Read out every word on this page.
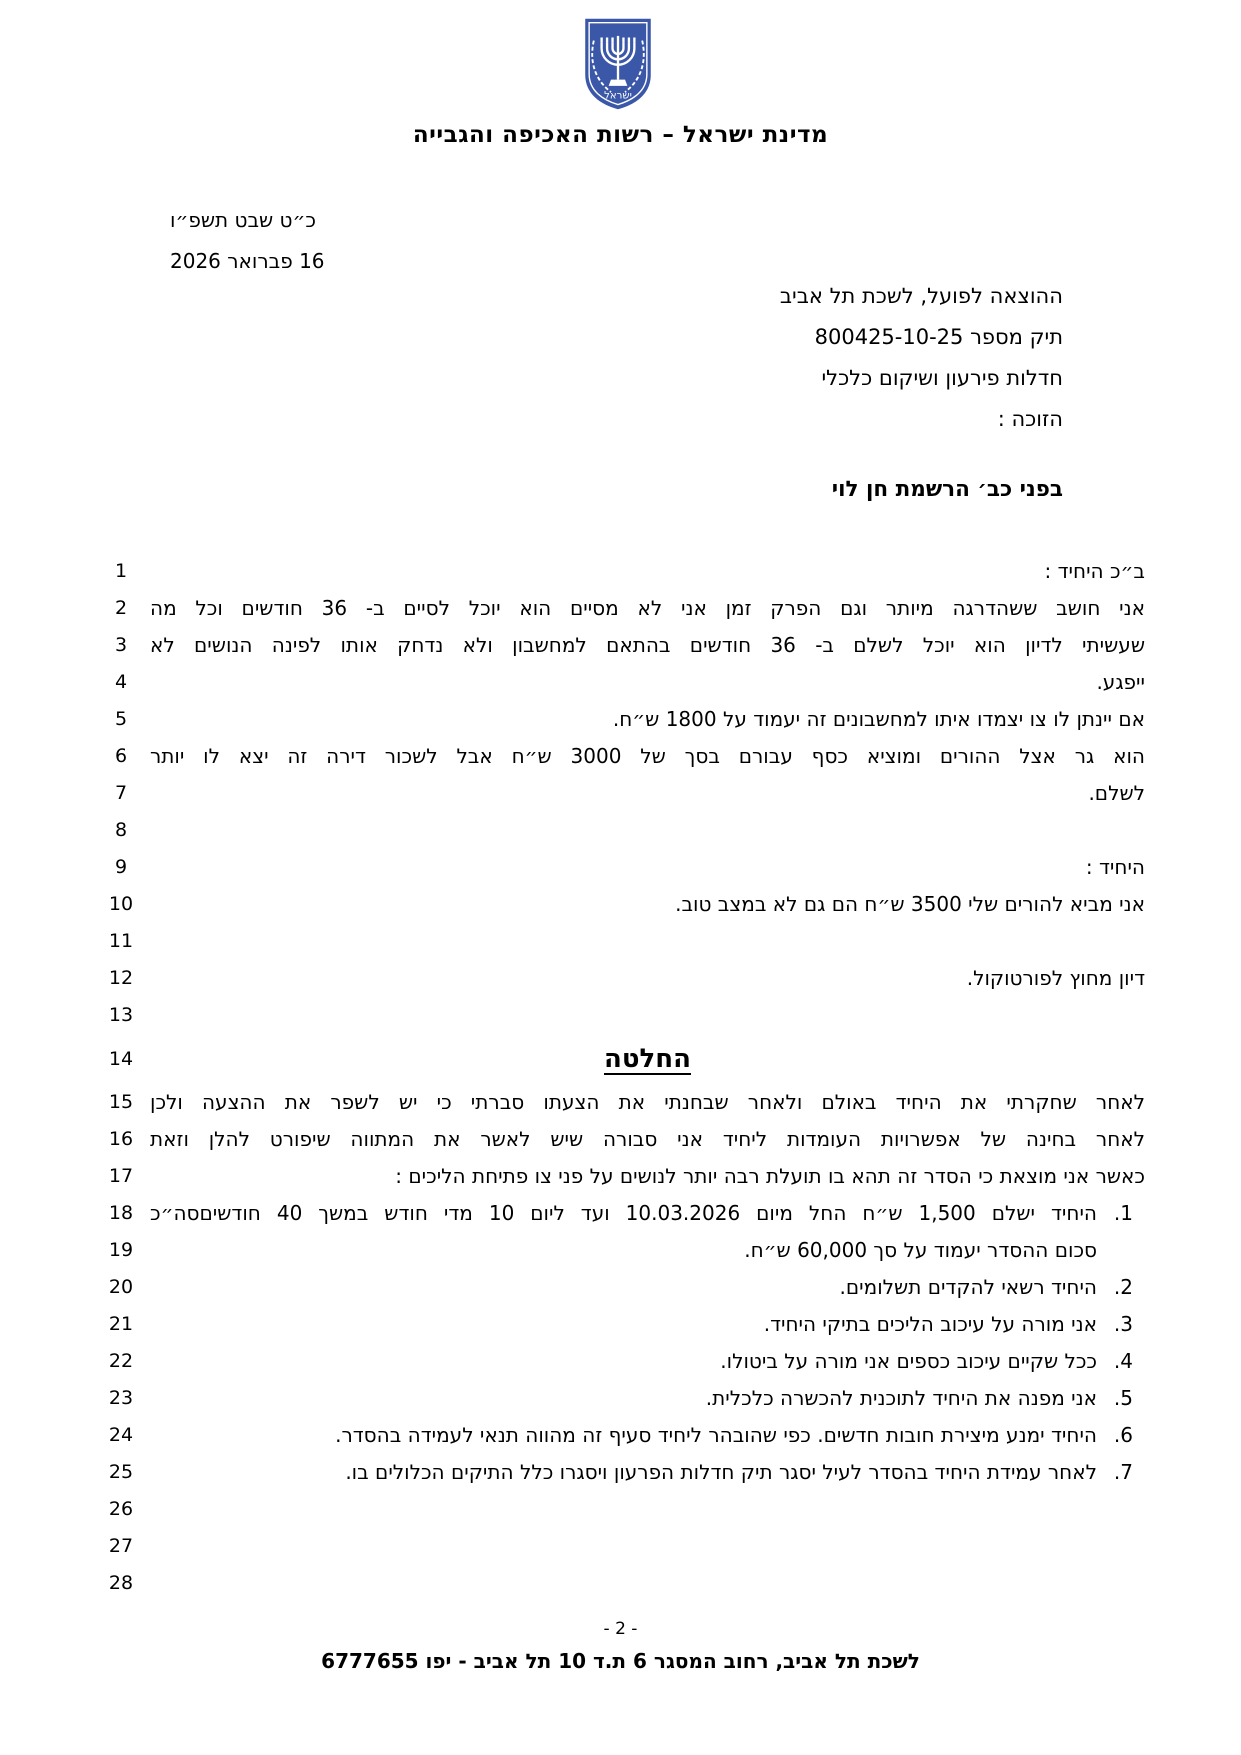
ישראל
מדינת ישראל – רשות האכיפה והגבייה
כ״ט שבט תשפ״ו
16 פברואר 2026
ההוצאה לפועל, לשכת תל אביב
תיק מספר 800425-10-25
חדלות פירעון ושיקום כלכלי
הזוכה :
בפני כב׳ הרשמת חן לוי
ב״כ היחיד :
1
אני חושב ששהדרגה מיותר וגם הפרק זמן אני לא מסיים הוא יוכל לסיים ב- 36 חודשים וכל מה
2
שעשיתי לדיון הוא יוכל לשלם ב- 36 חודשים בהתאם למחשבון ולא נדחק אותו לפינה הנושים לא
3
ייפגע.
4
אם יינתן לו צו יצמדו איתו למחשבונים זה יעמוד על 1800 ש״ח.
5
הוא גר אצל ההורים ומוציא כסף עבורם בסך של 3000 ש״ח אבל לשכור דירה זה יצא לו יותר
6
לשלם.
7
8
היחיד :
9
אני מביא להורים שלי 3500 ש״ח הם גם לא במצב טוב.
10
11
דיון מחוץ לפורטוקול.
12
13
החלטה
14
לאחר שחקרתי את היחיד באולם ולאחר שבחנתי את הצעתו סברתי כי יש לשפר את ההצעה ולכן
15
לאחר בחינה של אפשרויות העומדות ליחיד אני סבורה שיש לאשר את המתווה שיפורט להלן וזאת
16
כאשר אני מוצאת כי הסדר זה תהא בו תועלת רבה יותר לנושים על פני צו פתיחת הליכים :
17
1.
היחיד ישלם 1,500 ש״ח החל מיום 10.03.2026 ועד ליום 10 מדי חודש במשך 40 חודשיםסה״כ
18
סכום ההסדר יעמוד על סך 60,000 ש״ח.
19
2.
היחיד רשאי להקדים תשלומים.
20
3.
אני מורה על עיכוב הליכים בתיקי היחיד.
21
4.
ככל שקיים עיכוב כספים אני מורה על ביטולו.
22
5.
אני מפנה את היחיד לתוכנית להכשרה כלכלית.
23
6.
היחיד ימנע מיצירת חובות חדשים. כפי שהובהר ליחיד סעיף זה מהווה תנאי לעמידה בהסדר.
24
7.
לאחר עמידת היחיד בהסדר לעיל יסגר תיק חדלות הפרעון ויסגרו כלל התיקים הכלולים בו.
25
26
27
28
- 2 -
לשכת תל אביב, רחוב המסגר 6 ת.ד 10 תל אביב - יפו 6777655
